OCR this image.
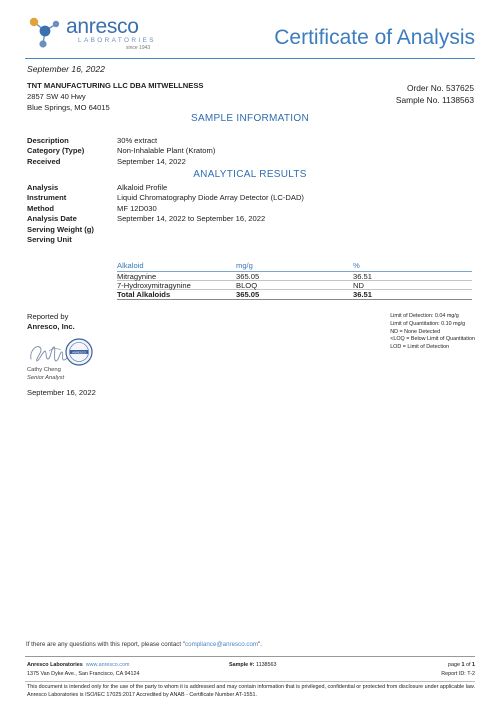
anresco
LABORATORIES
since 1943	Certificate of Analysis
September 16, 2022
TNT MANUFACTURING LLC DBA MITWELLNESS
2857 SW 40 Hwy
Blue Springs, MO 64015
Order No. 537625
Sample No. 1138563
SAMPLE INFORMATION
Description	30% extract
Category (Type)	Non-Inhalable Plant (Kratom)
Received	September 14, 2022
ANALYTICAL RESULTS
Analysis	Alkaloid Profile
Instrument	Liquid Chromatography Diode Array Detector (LC-DAD)
Method	MF 12D030
Analysis Date	September 14, 2022 to September 16, 2022
Serving Weight (g)
Serving Unit
Alkaloid	mg/g	%
Mitragynine	365.05	36.51
7-Hydroxymitragynine	BLOQ	ND
Total Alkaloids	365.05	36.51
Reported by
Anresco, Inc.
ANRESCO
Cathy Cheng
Senior Analyst
September 16, 2022
Limit of Detection: 0.04 mg/g
Limit of Quantitation: 0.10 mg/g
ND = None Detected
<LOQ = Below Limit of Quantitation
LOD = Limit of Detection
If there are any questions with this report, please contact "compliance@anresco.com".
Anresco Laboratories www.anresco.com
1375 Van Dyke Ave., San Francisco, CA 94124
Sample #: 1138563	page 1 of 1
Report ID: T-2
This document is intended only for the use of the party to whom it is addressed and may contain information that is privileged, confidential or protected from disclosure under applicable law. Anresco Laboratories is ISO/IEC 17025:2017 Accredited by ANAB - Certificate Number AT-1551.
